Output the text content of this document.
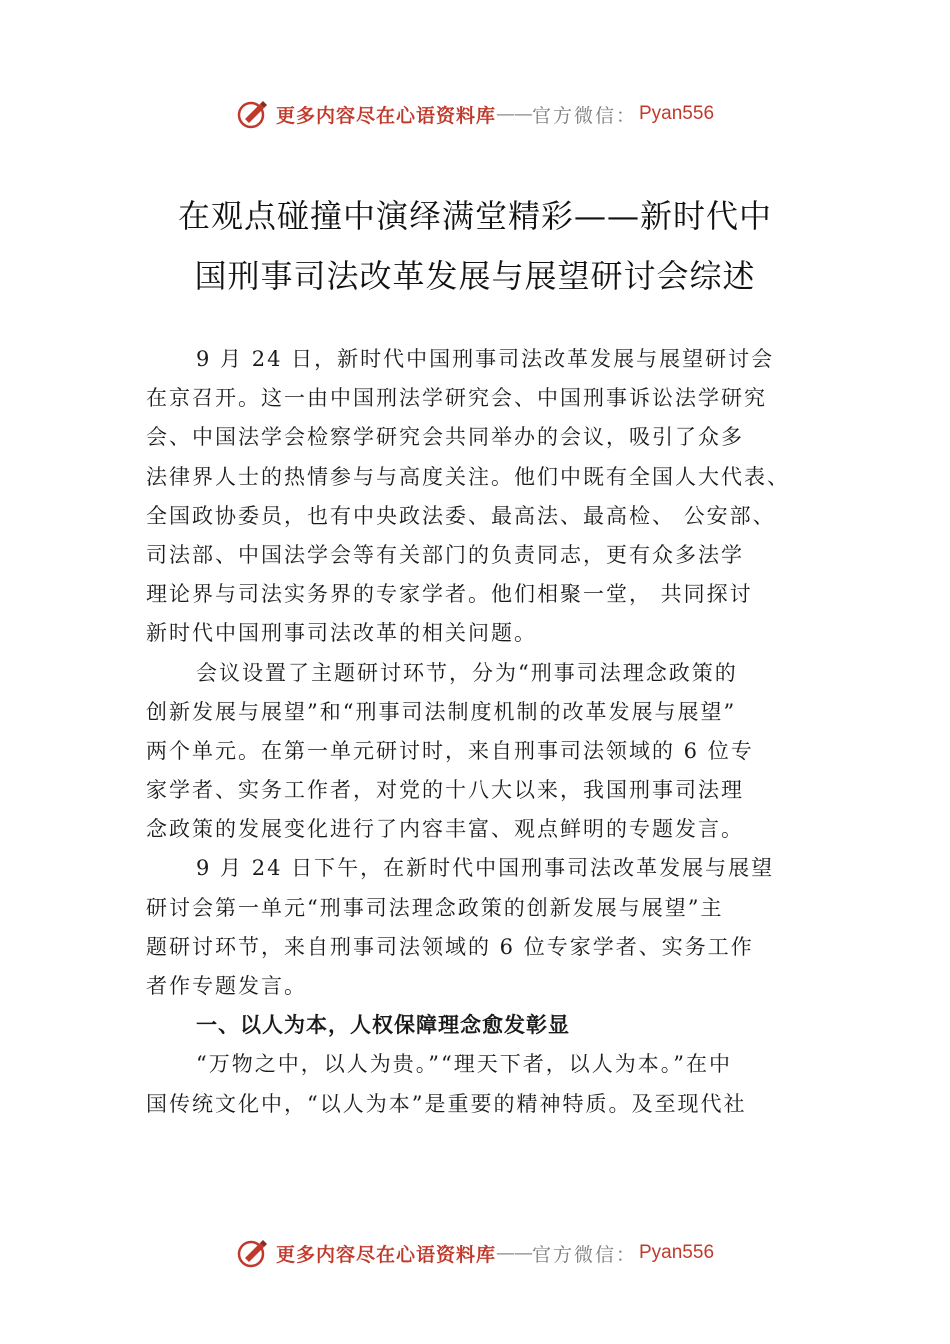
更多内容尽在心语资料库 —— 官方微信： Pyan556
在观点碰撞中演绎满堂精彩——新时代中
国刑事司法改革发展与展望研讨会综述
9 月 24 日，新时代中国刑事司法改革发展与展望研讨会
在京召开。这一由中国刑法学研究会、中国刑事诉讼法学研究
会、中国法学会检察学研究会共同举办的会议，吸引了众多
法律界人士的热情参与与高度关注。他们中既有全国人大代表、
全国政协委员，也有中央政法委、最高法、最高检、 公安部、
司法部、中国法学会等有关部门的负责同志，更有众多法学
理论界与司法实务界的专家学者。他们相聚一堂， 共同探讨
新时代中国刑事司法改革的相关问题。
会议设置了主题研讨环节，分为“刑事司法理念政策的
创新发展与展望”和“刑事司法制度机制的改革发展与展望”
两个单元。在第一单元研讨时，来自刑事司法领域的 6 位专
家学者、实务工作者，对党的十八大以来，我国刑事司法理
念政策的发展变化进行了内容丰富、观点鲜明的专题发言。
9 月 24 日下午，在新时代中国刑事司法改革发展与展望
研讨会第一单元“刑事司法理念政策的创新发展与展望”主
题研讨环节，来自刑事司法领域的 6 位专家学者、实务工作
者作专题发言。
一、以人为本，人权保障理念愈发彰显
“万物之中，以人为贵。”“理天下者，以人为本。”在中
国传统文化中，“以人为本”是重要的精神特质。及至现代社
更多内容尽在心语资料库 —— 官方微信： Pyan556
